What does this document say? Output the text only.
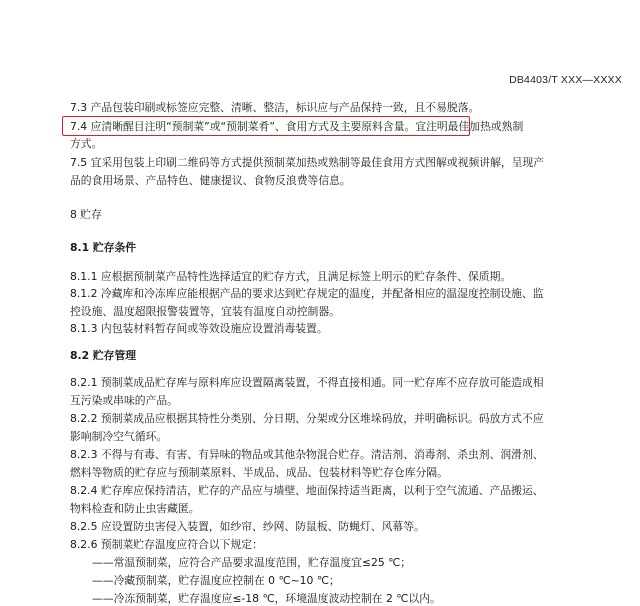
DB4403/T XXX—XXXX
7.3 产品包装印刷或标签应完整、清晰、整洁，标识应与产品保持一致，且不易脱落。
7.4 应清晰醒目注明“预制菜”或“预制菜肴”、食用方式及主要原料含量。宜注明最佳加热或熟制
方式。
7.5 宜采用包装上印刷二维码等方式提供预制菜加热或熟制等最佳食用方式图解或视频讲解，呈现产
品的食用场景、产品特色、健康提议、食物反浪费等信息。
8 贮存
8.1 贮存条件
8.1.1 应根据预制菜产品特性选择适宜的贮存方式，且满足标签上明示的贮存条件、保质期。
8.1.2 冷藏库和冷冻库应能根据产品的要求达到贮存规定的温度，并配备相应的温湿度控制设施、监
控设施、温度超限报警装置等，宜装有温度自动控制器。
8.1.3 内包装材料暂存间或等效设施应设置消毒装置。
8.2 贮存管理
8.2.1 预制菜成品贮存库与原料库应设置隔离装置，不得直接相通。同一贮存库不应存放可能造成相
互污染或串味的产品。
8.2.2 预制菜成品应根据其特性分类别、分日期、分架或分区堆垛码放，并明确标识。码放方式不应
影响制冷空气循环。
8.2.3 不得与有毒、有害、有异味的物品或其他杂物混合贮存。清洁剂、消毒剂、杀虫剂、润滑剂、
燃料等物质的贮存应与预制菜原料、半成品、成品、包装材料等贮存仓库分隔。
8.2.4 贮存库应保持清洁，贮存的产品应与墙壁、地面保持适当距离，以利于空气流通、产品搬运、
物料检查和防止虫害藏匿。
8.2.5 应设置防虫害侵入装置，如纱帘、纱网、防鼠板、防蝇灯、风幕等。
8.2.6 预制菜贮存温度应符合以下规定：
——常温预制菜，应符合产品要求温度范围，贮存温度宜≤25 ℃；
——冷藏预制菜，贮存温度应控制在 0 ℃~10 ℃；
——冷冻预制菜，贮存温度应≤-18 ℃，环境温度波动控制在 2 ℃以内。
